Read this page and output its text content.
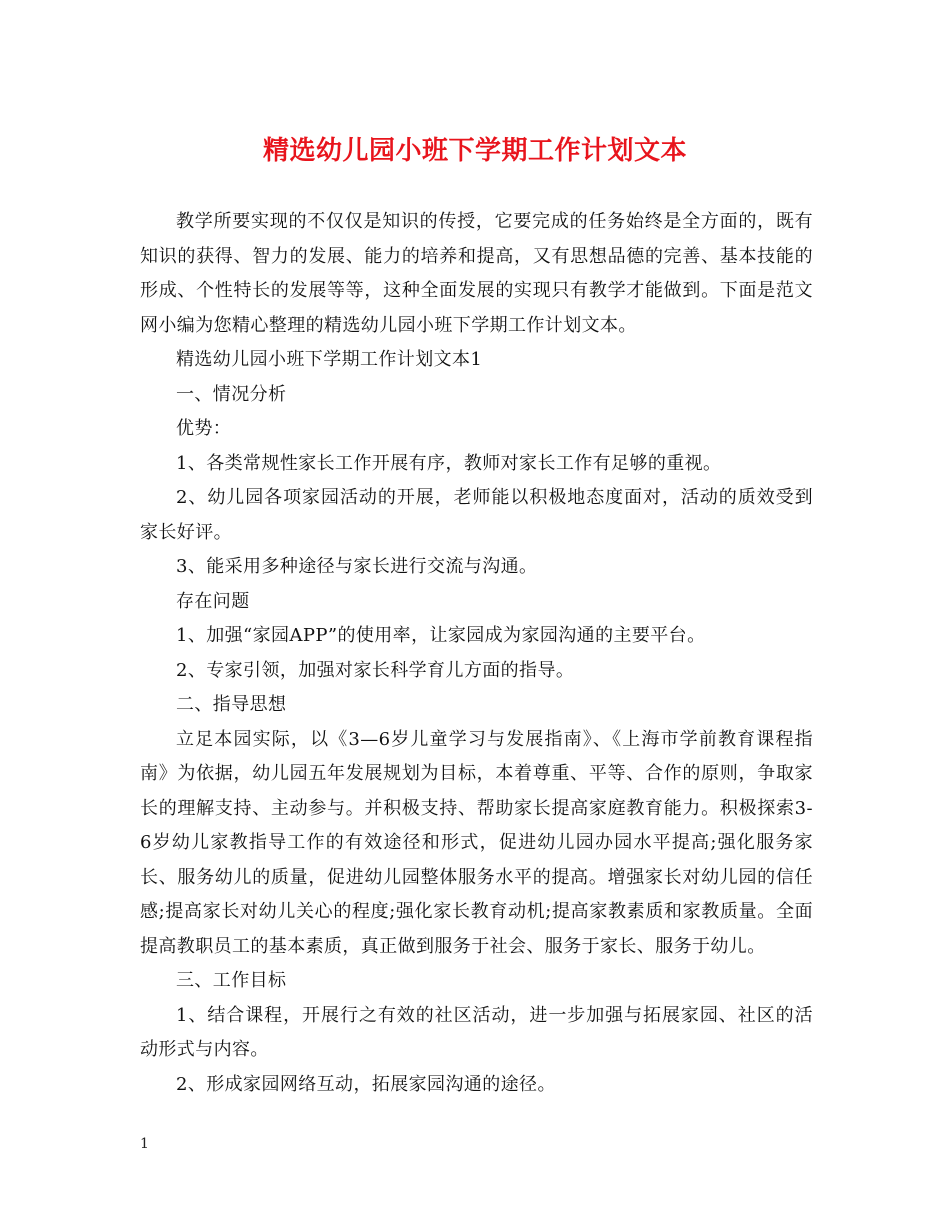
精选幼儿园小班下学期工作计划文本

教学所要实现的不仅仅是知识的传授，它要完成的任务始终是全方面的，既有知识的获得、智力的发展、能力的培养和提高，又有思想品德的完善、基本技能的形成、个性特长的发展等等，这种全面发展的实现只有教学才能做到。下面是范文网小编为您精心整理的精选幼儿园小班下学期工作计划文本。

精选幼儿园小班下学期工作计划文本1

一、情况分析

优势：

1、各类常规性家长工作开展有序，教师对家长工作有足够的重视。

2、幼儿园各项家园活动的开展，老师能以积极地态度面对，活动的质效受到家长好评。

3、能采用多种途径与家长进行交流与沟通。

存在问题

1、加强“家园APP”的使用率，让家园成为家园沟通的主要平台。

2、专家引领，加强对家长科学育儿方面的指导。

二、指导思想

立足本园实际，以《3—6岁儿童学习与发展指南》、《上海市学前教育课程指南》为依据，幼儿园五年发展规划为目标，本着尊重、平等、合作的原则，争取家长的理解支持、主动参与。并积极支持、帮助家长提高家庭教育能力。积极探索3-6岁幼儿家教指导工作的有效途径和形式，促进幼儿园办园水平提高;强化服务家长、服务幼儿的质量，促进幼儿园整体服务水平的提高。增强家长对幼儿园的信任感;提高家长对幼儿关心的程度;强化家长教育动机;提高家教素质和家教质量。全面提高教职员工的基本素质，真正做到服务于社会、服务于家长、服务于幼儿。

三、工作目标

1、结合课程，开展行之有效的社区活动，进一步加强与拓展家园、社区的活动形式与内容。

2、形成家园网络互动，拓展家园沟通的途径。

1
